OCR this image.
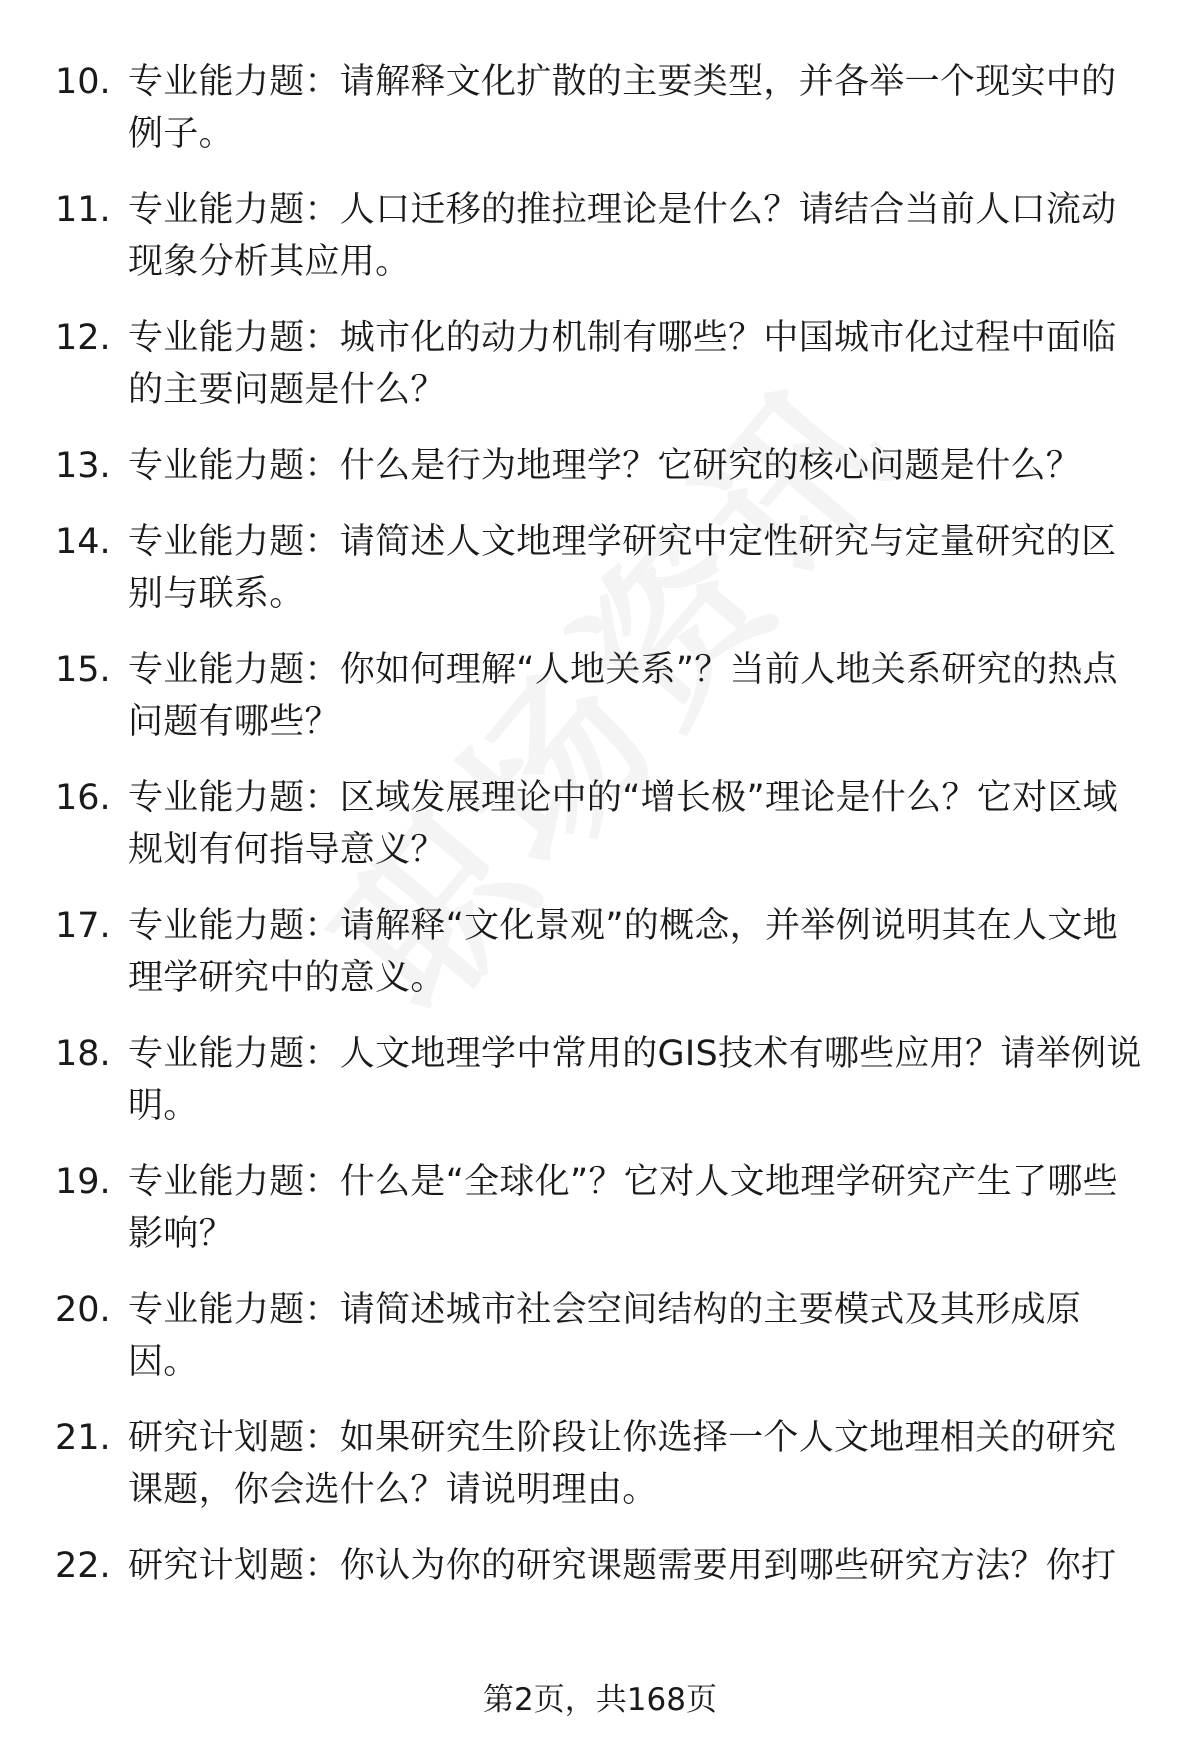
10. 专业能力题：请解释文化扩散的主要类型，并各举一个现实中的例子。
11. 专业能力题：人口迁移的推拉理论是什么？请结合当前人口流动现象分析其应用。
12. 专业能力题：城市化的动力机制有哪些？中国城市化过程中面临的主要问题是什么？
13. 专业能力题：什么是行为地理学？它研究的核心问题是什么？
14. 专业能力题：请简述人文地理学研究中定性研究与定量研究的区别与联系。
15. 专业能力题：你如何理解“人地关系”？当前人地关系研究的热点问题有哪些？
16. 专业能力题：区域发展理论中的“增长极”理论是什么？它对区域规划有何指导意义？
17. 专业能力题：请解释“文化景观”的概念，并举例说明其在人文地理学研究中的意义。
18. 专业能力题：人文地理学中常用的GIS技术有哪些应用？请举例说明。
19. 专业能力题：什么是“全球化”？它对人文地理学研究产生了哪些影响？
20. 专业能力题：请简述城市社会空间结构的主要模式及其形成原因。
21. 研究计划题：如果研究生阶段让你选择一个人文地理相关的研究课题，你会选什么？请说明理由。
22. 研究计划题：你认为你的研究课题需要用到哪些研究方法？你打
第2页，共168页
